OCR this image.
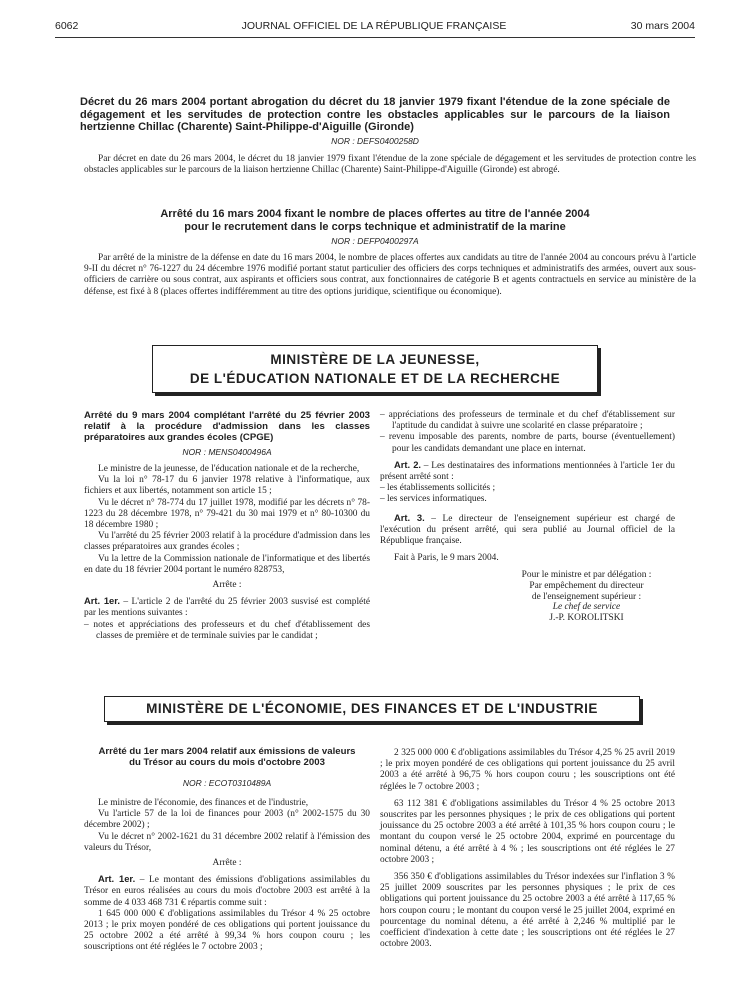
6062	JOURNAL OFFICIEL DE LA RÉPUBLIQUE FRANÇAISE	30 mars 2004
Décret du 26 mars 2004 portant abrogation du décret du 18 janvier 1979 fixant l'étendue de la zone spéciale de dégagement et les servitudes de protection contre les obstacles applicables sur le parcours de la liaison hertzienne Chillac (Charente) Saint-Philippe-d'Aiguille (Gironde)
NOR : DEFS0400258D

Par décret en date du 26 mars 2004, le décret du 18 janvier 1979 fixant l'étendue de la zone spéciale de dégagement et les servitudes de protection contre les obstacles applicables sur le parcours de la liaison hertzienne Chillac (Charente) Saint-Philippe-d'Aiguille (Gironde) est abrogé.

Arrêté du 16 mars 2004 fixant le nombre de places offertes au titre de l'année 2004
pour le recrutement dans le corps technique et administratif de la marine
NOR : DEFP0400297A

Par arrêté de la ministre de la défense en date du 16 mars 2004, le nombre de places offertes aux candidats au titre de l'année 2004 au concours prévu à l'article 9-II du décret n° 76-1227 du 24 décembre 1976 modifié portant statut particulier des officiers des corps techniques et administratifs des armées, ouvert aux sous-officiers de carrière ou sous contrat, aux aspirants et officiers sous contrat, aux fonctionnaires de catégorie B et agents contractuels en service au ministère de la défense, est fixé à 8 (places offertes indifféremment au titre des options juridique, scientifique ou économique).

MINISTÈRE DE LA JEUNESSE,
DE L'ÉDUCATION NATIONALE ET DE LA RECHERCHE
Arrêté du 9 mars 2004 complétant l'arrêté du 25 février 2003 relatif à la procédure d'admission dans les classes préparatoires aux grandes écoles (CPGE)
NOR : MENS0400496A

Le ministre de la jeunesse, de l'éducation nationale et de la recherche,

Vu la loi n° 78-17 du 6 janvier 1978 relative à l'informatique, aux fichiers et aux libertés, notamment son article 15 ;

Vu le décret n° 78-774 du 17 juillet 1978, modifié par les décrets n° 78-1223 du 28 décembre 1978, n° 79-421 du 30 mai 1979 et n° 80-10300 du 18 décembre 1980 ;

Vu l'arrêté du 25 février 2003 relatif à la procédure d'admission dans les classes préparatoires aux grandes écoles ;

Vu la lettre de la Commission nationale de l'informatique et des libertés en date du 18 février 2004 portant le numéro 828753,

Arrête :

Art. 1er. – L'article 2 de l'arrêté du 25 février 2003 susvisé est complété par les mentions suivantes :

– notes et appréciations des professeurs et du chef d'établissement des classes de première et de terminale suivies par le candidat ;

– appréciations des professeurs de terminale et du chef d'établissement sur l'aptitude du candidat à suivre une scolarité en classe préparatoire ;

– revenu imposable des parents, nombre de parts, bourse (éventuellement) pour les candidats demandant une place en internat.

Art. 2. – Les destinataires des informations mentionnées à l'article 1er du présent arrêté sont :

– les établissements sollicités ;

– les services informatiques.

Art. 3. – Le directeur de l'enseignement supérieur est chargé de l'exécution du présent arrêté, qui sera publié au Journal officiel de la République française.

Fait à Paris, le 9 mars 2004.

Pour le ministre et par délégation :
Par empêchement du directeur
de l'enseignement supérieur :
Le chef de service
J.-P. KOROLITSKI
MINISTÈRE DE L'ÉCONOMIE, DES FINANCES ET DE L'INDUSTRIE
Arrêté du 1er mars 2004 relatif aux émissions de valeurs
du Trésor au cours du mois d'octobre 2003
NOR : ECOT0310489A

Le ministre de l'économie, des finances et de l'industrie,

Vu l'article 57 de la loi de finances pour 2003 (n° 2002-1575 du 30 décembre 2002) ;

Vu le décret n° 2002-1621 du 31 décembre 2002 relatif à l'émission des valeurs du Trésor,

Arrête :

Art. 1er. – Le montant des émissions d'obligations assimilables du Trésor en euros réalisées au cours du mois d'octobre 2003 est arrêté à la somme de 4 033 468 731 € répartis comme suit :

1 645 000 000 € d'obligations assimilables du Trésor 4 % 25 octobre 2013 ; le prix moyen pondéré de ces obligations qui portent jouissance du 25 octobre 2002 a été arrêté à 99,34 % hors coupon couru ; les souscriptions ont été réglées le 7 octobre 2003 ;

2 325 000 000 € d'obligations assimilables du Trésor 4,25 % 25 avril 2019 ; le prix moyen pondéré de ces obligations qui portent jouissance du 25 avril 2003 a été arrêté à 96,75 % hors coupon couru ; les souscriptions ont été réglées le 7 octobre 2003 ;

63 112 381 € d'obligations assimilables du Trésor 4 % 25 octobre 2013 souscrites par les personnes physiques ; le prix de ces obligations qui portent jouissance du 25 octobre 2003 a été arrêté à 101,35 % hors coupon couru ; le montant du coupon versé le 25 octobre 2004, exprimé en pourcentage du nominal détenu, a été arrêté à 4 % ; les souscriptions ont été réglées le 27 octobre 2003 ;

356 350 € d'obligations assimilables du Trésor indexées sur l'inflation 3 % 25 juillet 2009 souscrites par les personnes physiques ; le prix de ces obligations qui portent jouissance du 25 octobre 2003 a été arrêté à 117,65 % hors coupon couru ; le montant du coupon versé le 25 juillet 2004, exprimé en pourcentage du nominal détenu, a été arrêté à 2,246 % multiplié par le coefficient d'indexation à cette date ; les souscriptions ont été réglées le 27 octobre 2003.
